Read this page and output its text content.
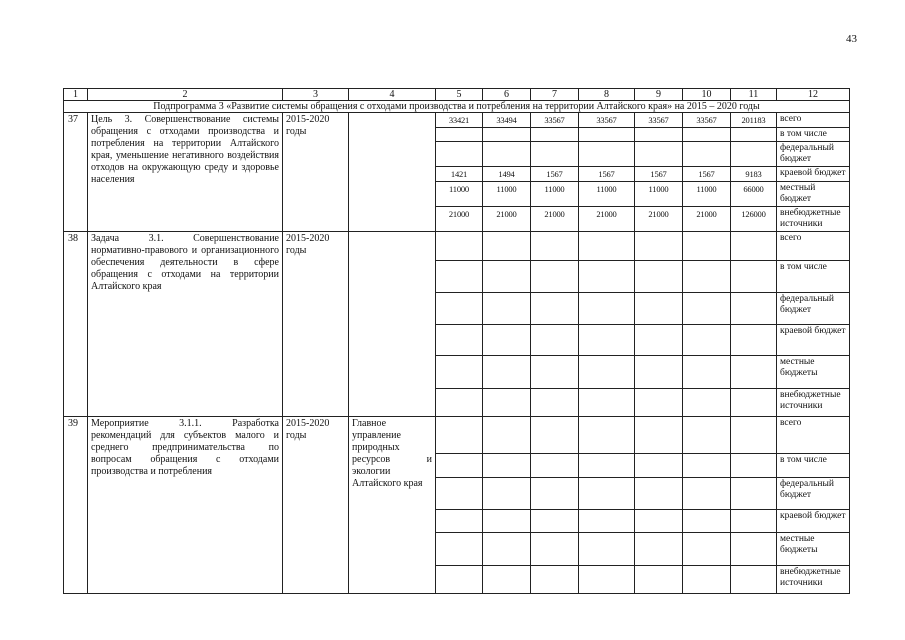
43
1	2	3	4	5	6	7	8	9	10	11	12
Подпрограмма 3 «Развитие системы обращения с отходами производства и потребления на территории Алтайского края» на 2015 – 2020 годы											
37	Цель 3. Совершенствование системы обращения с отходами производства и потребления на территории Алтайского края, уменьшение негативного воздействия отходов на окружающую среду и здоровье населения	2015-2020 годы		33421	33494	33567	33567	33567	33567	201183	всего
											в том числе
											федеральный бюджет
				1421	1494	1567	1567	1567	1567	9183	краевой бюджет
				11000	11000	11000	11000	11000	11000	66000	местный бюджет
				21000	21000	21000	21000	21000	21000	126000	внебюджетные источники
38	Задача 3.1. Совершенствование нормативно-правового и организационного обеспечения деятельности в сфере обращения с отходами на территории Алтайского края	2015-2020 годы									всего
											в том числе
											федеральный бюджет
											краевой бюджет
											местные бюджеты
											внебюджетные источники
39	Мероприятие 3.1.1. Разработка рекомендаций для субъектов малого и среднего предпринимательства по вопросам обращения с отходами производства и потребления	2015-2020 годы	Главное управление природных ресурсов и экологии Алтайского края								всего
											в том числе
											федеральный бюджет
											краевой бюджет
											местные бюджеты
											внебюджетные источники
